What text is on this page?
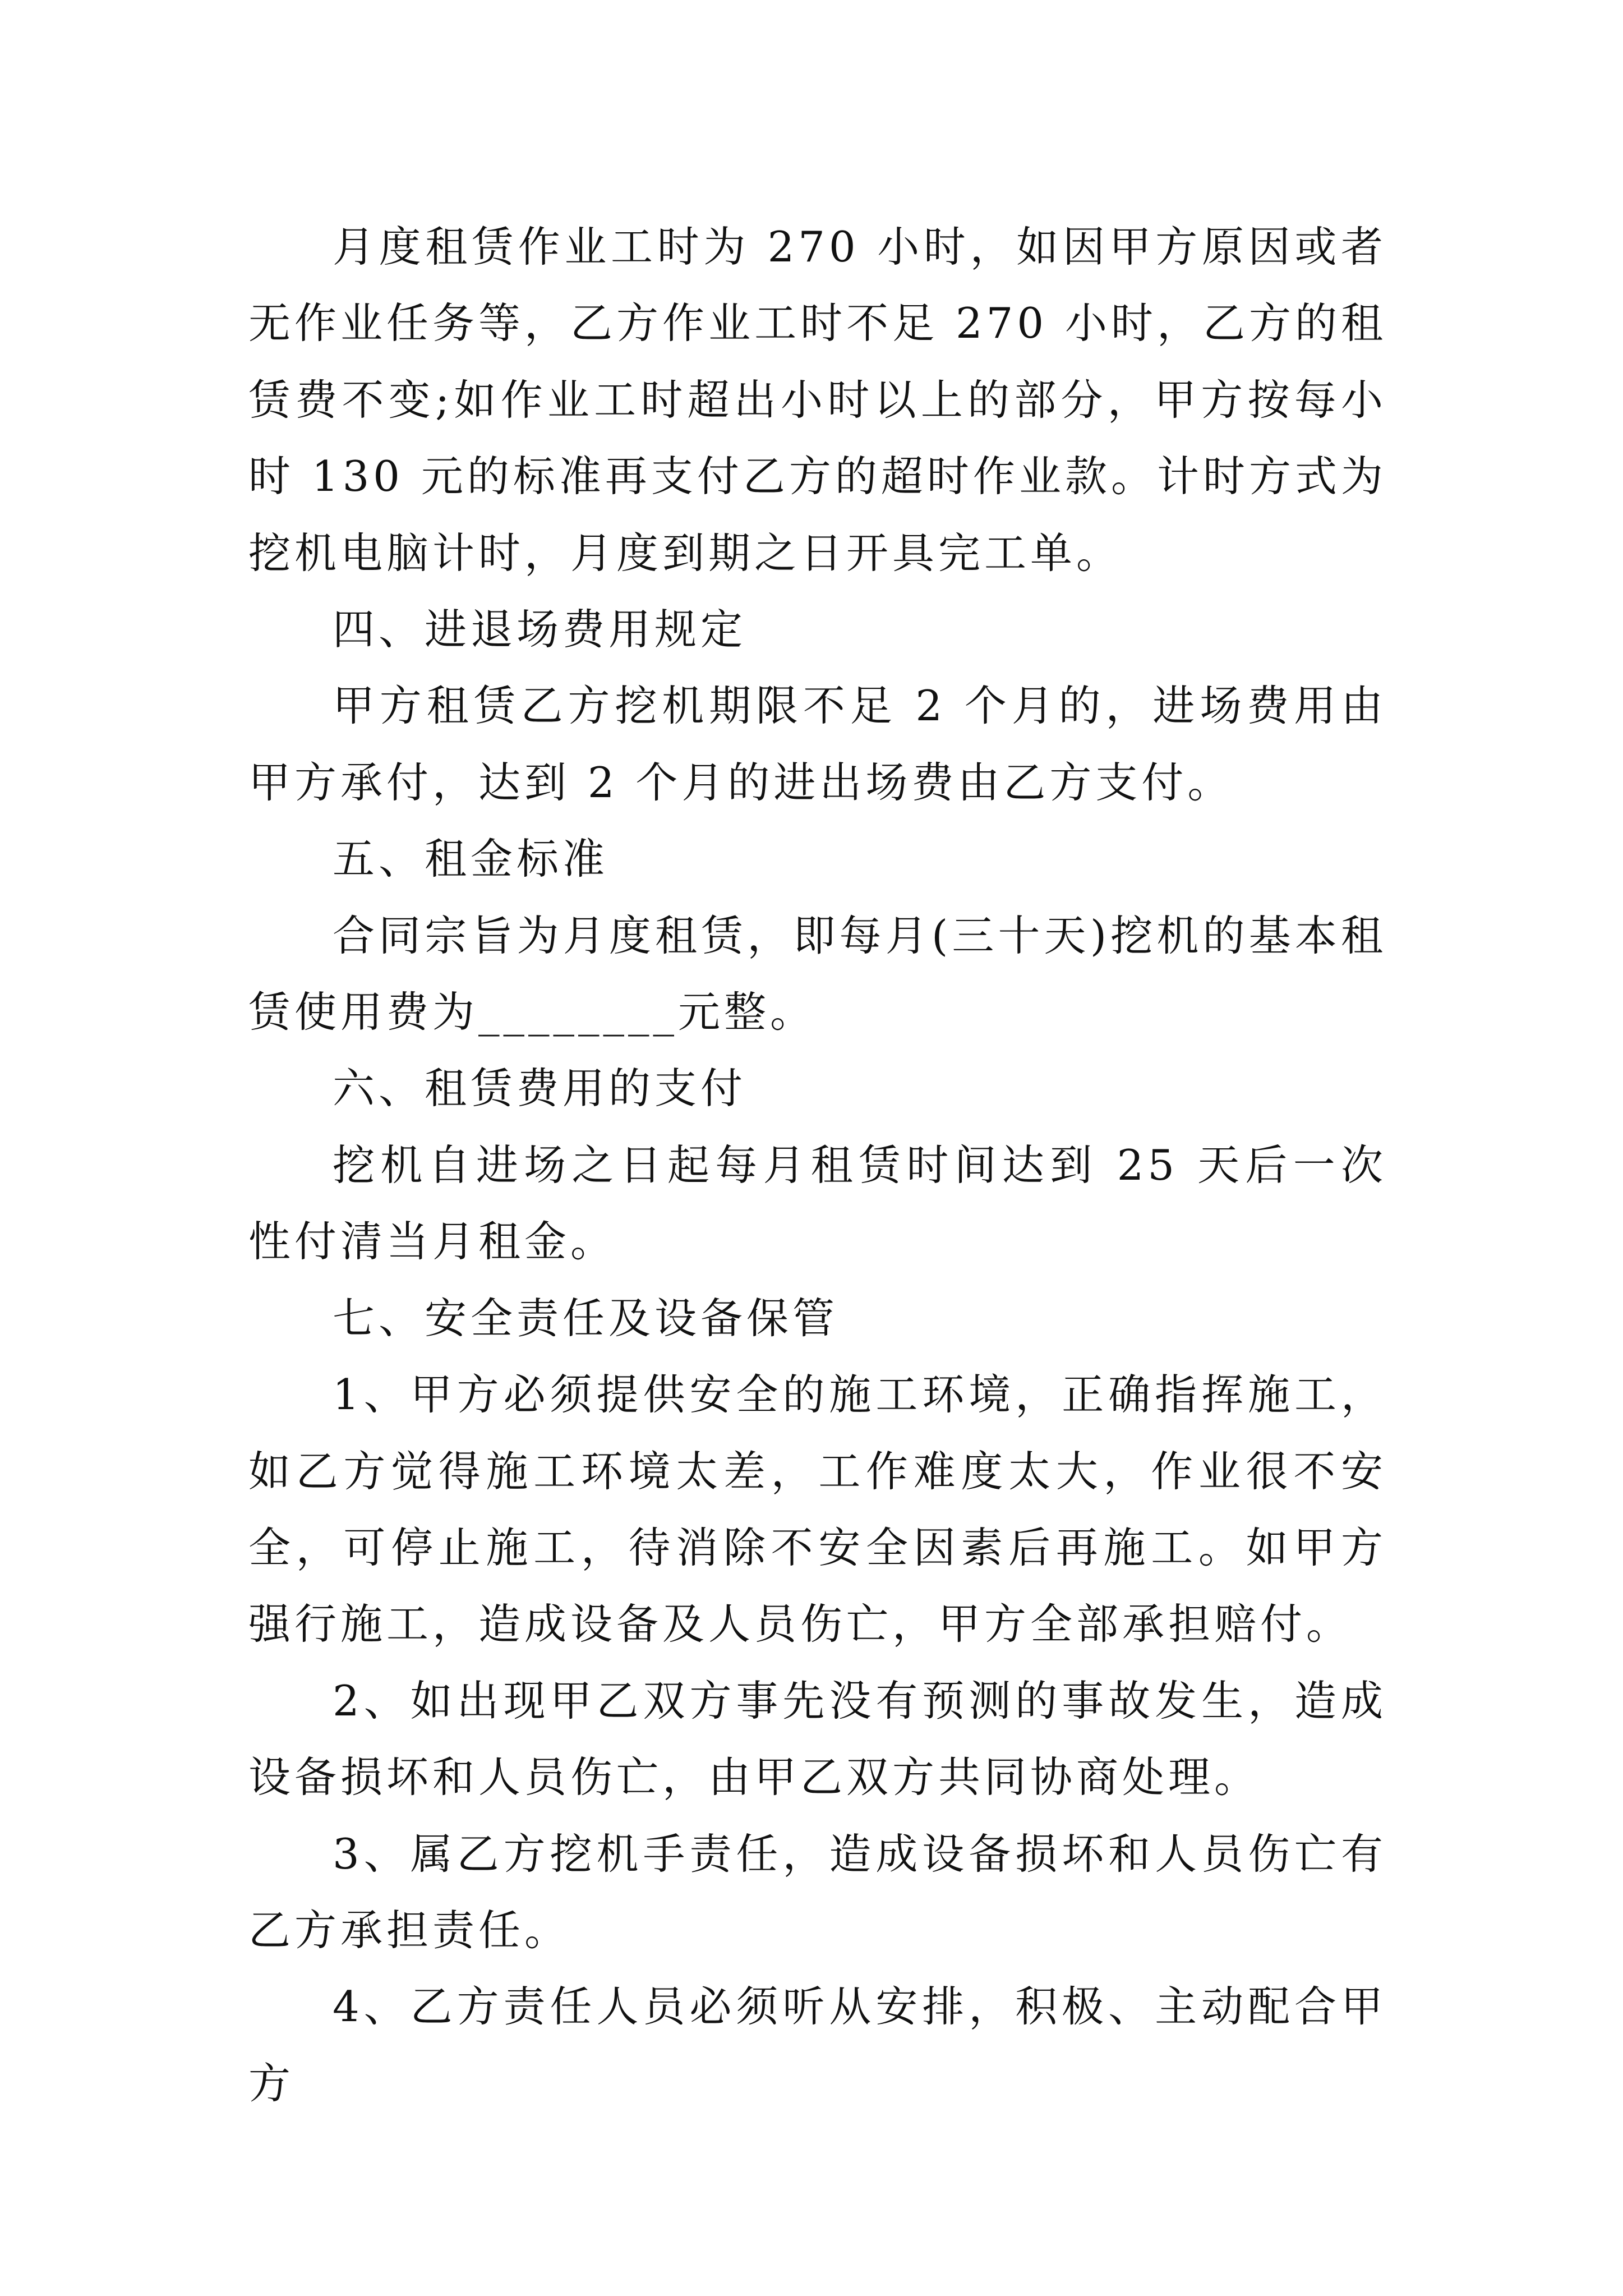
月度租赁作业工时为 270 小时，如因甲方原因或者无作业任务等，乙方作业工时不足 270 小时，乙方的租赁费不变;如作业工时超出小时以上的部分，甲方按每小时 130 元的标准再支付乙方的超时作业款。计时方式为挖机电脑计时，月度到期之日开具完工单。

四、进退场费用规定

甲方租赁乙方挖机期限不足 2 个月的，进场费用由甲方承付，达到 2 个月的进出场费由乙方支付。

五、租金标准

合同宗旨为月度租赁，即每月(三十天)挖机的基本租赁使用费为________元整。

六、租赁费用的支付

挖机自进场之日起每月租赁时间达到 25 天后一次性付清当月租金。

七、安全责任及设备保管

1、甲方必须提供安全的施工环境，正确指挥施工，如乙方觉得施工环境太差，工作难度太大，作业很不安全，可停止施工，待消除不安全因素后再施工。如甲方强行施工，造成设备及人员伤亡，甲方全部承担赔付。

2、如出现甲乙双方事先没有预测的事故发生，造成设备损坏和人员伤亡，由甲乙双方共同协商处理。

3、属乙方挖机手责任，造成设备损坏和人员伤亡有乙方承担责任。

4、乙方责任人员必须听从安排，积极、主动配合甲方
